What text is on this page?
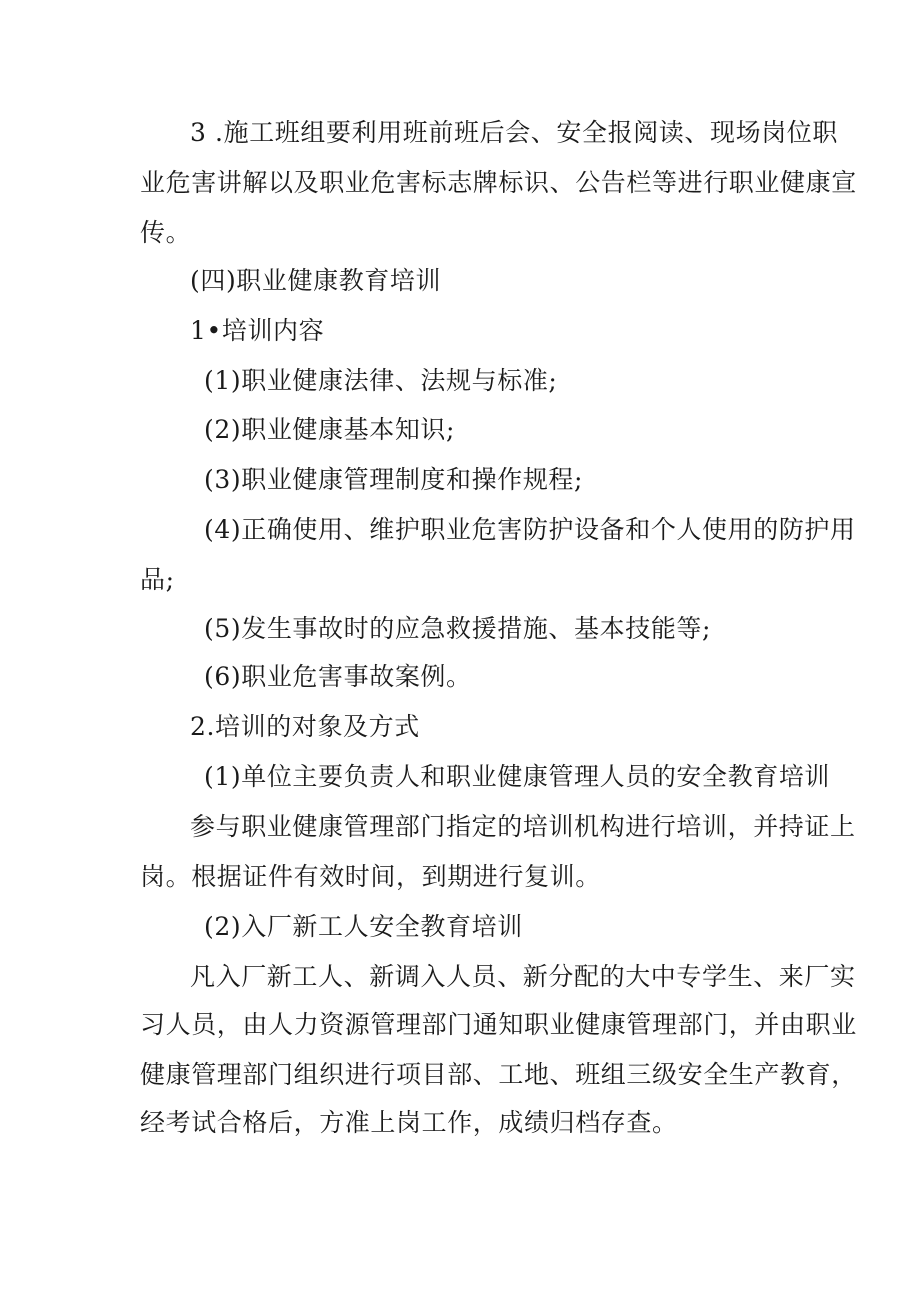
3 .施工班组要利用班前班后会、安全报阅读、现场岗位职
业危害讲解以及职业危害标志牌标识、公告栏等进行职业健康宣
传。
(四)职业健康教育培训
1•培训内容
(1)职业健康法律、法规与标准;
(2)职业健康基本知识;
(3)职业健康管理制度和操作规程;
(4)正确使用、维护职业危害防护设备和个人使用的防护用
品;
(5)发生事故时的应急救援措施、基本技能等;
(6)职业危害事故案例。
2.培训的对象及方式
(1)单位主要负责人和职业健康管理人员的安全教育培训
参与职业健康管理部门指定的培训机构进行培训，并持证上
岗。根据证件有效时间，到期进行复训。
(2)入厂新工人安全教育培训
凡入厂新工人、新调入人员、新分配的大中专学生、来厂实
习人员，由人力资源管理部门通知职业健康管理部门，并由职业
健康管理部门组织进行项目部、工地、班组三级安全生产教育，
经考试合格后，方准上岗工作，成绩归档存查。
